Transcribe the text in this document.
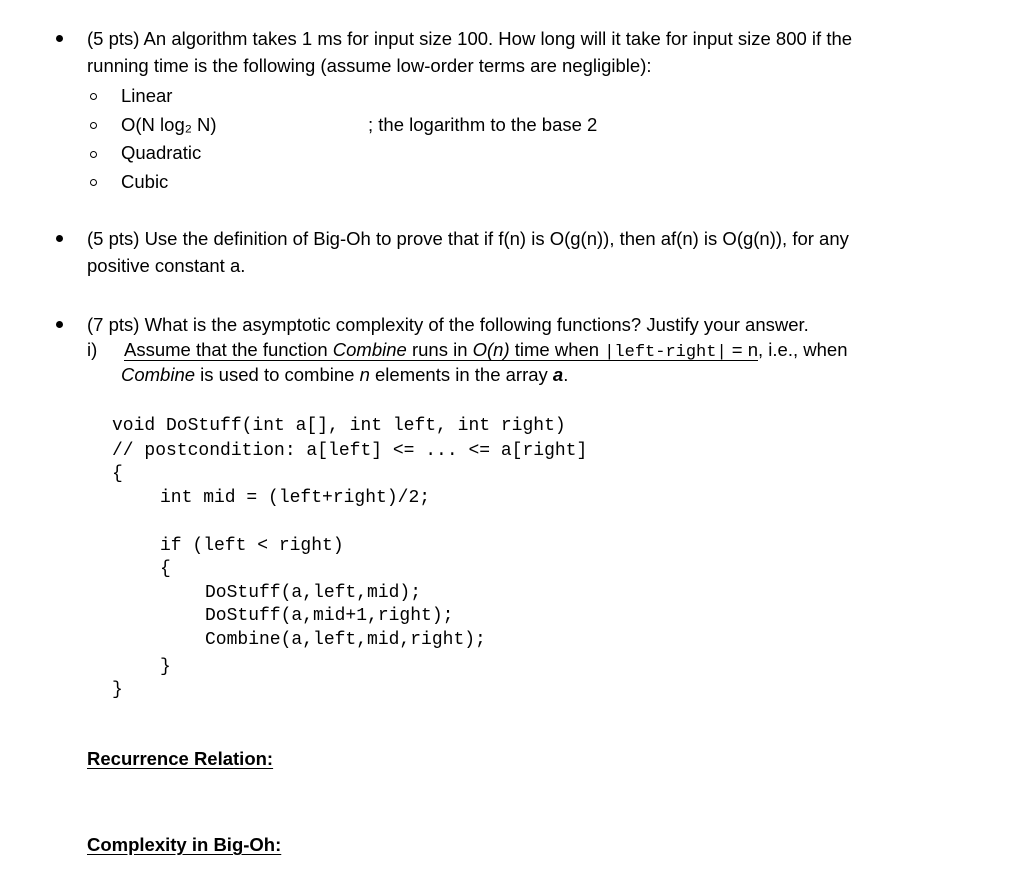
(5 pts) An algorithm takes 1 ms for input size 100. How long will it take for input size 800 if the
running time is the following (assume low-order terms are negligible):
Linear
O(N log₂ N)	; the logarithm to the base 2
Quadratic
Cubic
(5 pts) Use the definition of Big-Oh to prove that if f(n) is O(g(n)), then af(n) is O(g(n)), for any
positive constant a.
(7 pts) What is the asymptotic complexity of the following functions? Justify your answer.
i) Assume that the function Combine runs in O(n) time when |left-right| = n, i.e., when
Combine is used to combine n elements in the array a.
void DoStuff(int a[], int left, int right)
// postcondition: a[left] <= ... <= a[right]
{
int mid = (left+right)/2;
if (left < right)
{
DoStuff(a,left,mid);
DoStuff(a,mid+1,right);
Combine(a,left,mid,right);
}
}
Recurrence Relation:
Complexity in Big-Oh:
